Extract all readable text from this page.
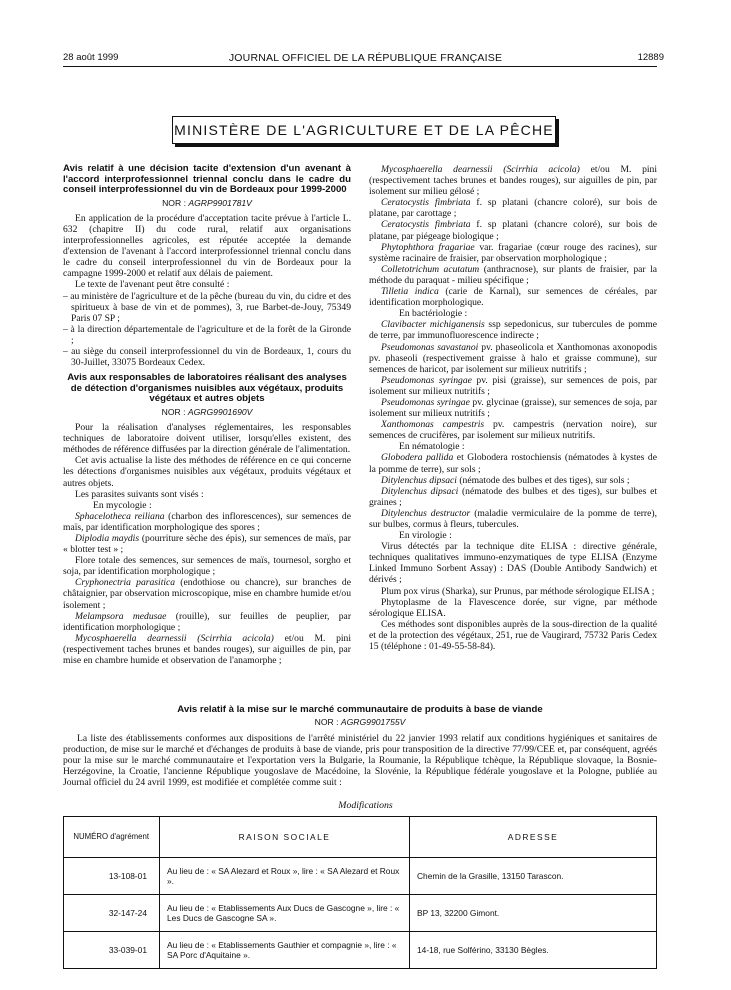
28 août 1999	JOURNAL OFFICIEL DE LA RÉPUBLIQUE FRANÇAISE	12889
MINISTÈRE DE L'AGRICULTURE ET DE LA PÊCHE
Avis relatif à une décision tacite d'extension d'un avenant à l'accord interprofessionnel triennal conclu dans le cadre du conseil interprofessionnel du vin de Bordeaux pour 1999-2000
NOR : AGRP9901781V

En application de la procédure d'acceptation tacite prévue à l'article L. 632 (chapitre II) du code rural, relatif aux organisations interprofessionnelles agricoles, est réputée acceptée la demande d'extension de l'avenant à l'accord interprofessionnel triennal conclu dans le cadre du conseil interprofessionnel du vin de Bordeaux pour la campagne 1999-2000 et relatif aux délais de paiement.

Le texte de l'avenant peut être consulté :

– au ministère de l'agriculture et de la pêche (bureau du vin, du cidre et des spiritueux à base de vin et de pommes), 3, rue Barbet-de-Jouy, 75349 Paris 07 SP ;

– à la direction départementale de l'agriculture et de la forêt de la Gironde ;

– au siège du conseil interprofessionnel du vin de Bordeaux, 1, cours du 30-Juillet, 33075 Bordeaux Cedex.

Avis aux responsables de laboratoires réalisant des analyses de détection d'organismes nuisibles aux végétaux, produits végétaux et autres objets
NOR : AGRG9901690V

Pour la réalisation d'analyses réglementaires, les responsables techniques de laboratoire doivent utiliser, lorsqu'elles existent, des méthodes de référence diffusées par la direction générale de l'alimentation.

Cet avis actualise la liste des méthodes de référence en ce qui concerne les détections d'organismes nuisibles aux végétaux, produits végétaux et autres objets.

Les parasites suivants sont visés :

En mycologie :

Sphacelotheca reiliana (charbon des inflorescences), sur semences de maïs, par identification morphologique des spores ;

Diplodia maydis (pourriture sèche des épis), sur semences de maïs, par « blotter test » ;

Flore totale des semences, sur semences de maïs, tournesol, sorgho et soja, par identification morphologique ;

Cryphonectria parasitica (endothiose ou chancre), sur branches de châtaignier, par observation microscopique, mise en chambre humide et/ou isolement ;

Melampsora medusae (rouille), sur feuilles de peuplier, par identification morphologique ;

Mycosphaerella dearnessii (Scirrhia acicola) et/ou M. pini (respectivement taches brunes et bandes rouges), sur aiguilles de pin, par mise en chambre humide et observation de l'anamorphe ;

Mycosphaerella dearnessii (Scirrhia acicola) et/ou M. pini (respectivement taches brunes et bandes rouges), sur aiguilles de pin, par isolement sur milieu gélosé ;

Ceratocystis fimbriata f. sp platani (chancre coloré), sur bois de platane, par carottage ;

Ceratocystis fimbriata f. sp platani (chancre coloré), sur bois de platane, par piégeage biologique ;

Phytophthora fragariae var. fragariae (cœur rouge des racines), sur système racinaire de fraisier, par observation morphologique ;

Colletotrichum acutatum (anthracnose), sur plants de fraisier, par la méthode du paraquat - milieu spécifique ;

Tilletia indica (carie de Karnal), sur semences de céréales, par identification morphologique.

En bactériologie :

Clavibacter michiganensis ssp sepedonicus, sur tubercules de pomme de terre, par immunofluorescence indirecte ;

Pseudomonas savastanoi pv. phaseolicola et Xanthomonas axonopodis pv. phaseoli (respectivement graisse à halo et graisse commune), sur semences de haricot, par isolement sur milieux nutritifs ;

Pseudomonas syringae pv. pisi (graisse), sur semences de pois, par isolement sur milieux nutritifs ;

Pseudomonas syringae pv. glycinae (graisse), sur semences de soja, par isolement sur milieux nutritifs ;

Xanthomonas campestris pv. campestris (nervation noire), sur semences de crucifères, par isolement sur milieux nutritifs.

En nématologie :

Globodera pallida et Globodera rostochiensis (nématodes à kystes de la pomme de terre), sur sols ;

Ditylenchus dipsaci (nématode des bulbes et des tiges), sur sols ;

Ditylenchus dipsaci (nématode des bulbes et des tiges), sur bulbes et graines ;

Ditylenchus destructor (maladie vermiculaire de la pomme de terre), sur bulbes, cormus à fleurs, tubercules.

En virologie :

Virus détectés par la technique dite ELISA : directive générale, techniques qualitatives immuno-enzymatiques de type ELISA (Enzyme Linked Immuno Sorbent Assay) : DAS (Double Antibody Sandwich) et dérivés ;

Plum pox virus (Sharka), sur Prunus, par méthode sérologique ELISA ;

Phytoplasme de la Flavescence dorée, sur vigne, par méthode sérologique ELISA.

Ces méthodes sont disponibles auprès de la sous-direction de la qualité et de la protection des végétaux, 251, rue de Vaugirard, 75732 Paris Cedex 15 (téléphone : 01-49-55-58-84).

Avis relatif à la mise sur le marché communautaire de produits à base de viande
NOR : AGRG9901755V

La liste des établissements conformes aux dispositions de l'arrêté ministériel du 22 janvier 1993 relatif aux conditions hygiéniques et sanitaires de production, de mise sur le marché et d'échanges de produits à base de viande, pris pour transposition de la directive 77/99/CEE et, par conséquent, agréés pour la mise sur le marché communautaire et l'exportation vers la Bulgarie, la Roumanie, la République tchèque, la République slovaque, la Bosnie-Herzégovine, la Croatie, l'ancienne République yougoslave de Macédoine, la Slovénie, la République fédérale yougoslave et la Pologne, publiée au Journal officiel du 24 avril 1999, est modifiée et complétée comme suit :

Modifications
NUMÉRO d'agrément	RAISON SOCIALE	ADRESSE
13-108-01	Au lieu de : « SA Alezard et Roux », lire : « SA Alezard et Roux ».	Chemin de la Grasille, 13150 Tarascon.
32-147-24	Au lieu de : « Etablissements Aux Ducs de Gascogne », lire : « Les Ducs de Gascogne SA ».	BP 13, 32200 Gimont.
33-039-01	Au lieu de : « Etablissements Gauthier et compagnie », lire : « SA Porc d'Aquitaine ».	14-18, rue Solférino, 33130 Bègles.
